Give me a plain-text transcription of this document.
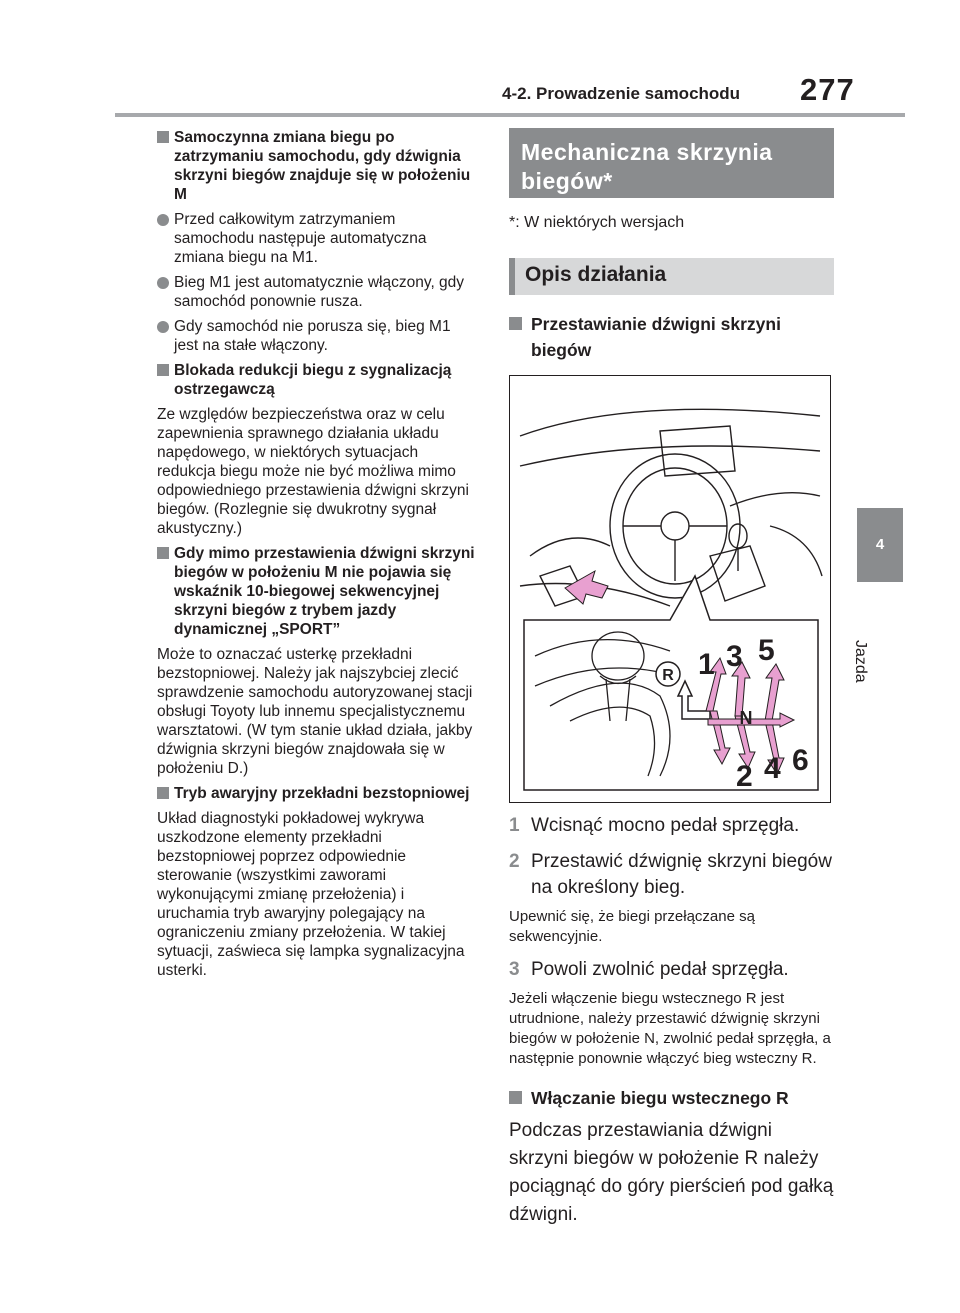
4-2. Prowadzenie samochodu 277
4
Jazda
Samoczynna zmiana biegu po zatrzymaniu samochodu, gdy dźwignia skrzyni biegów znajduje się w położeniu M
Przed całkowitym zatrzymaniem samochodu następuje automatyczna zmiana biegu na M1.
Bieg M1 jest automatycznie włączony, gdy samochód ponownie rusza.
Gdy samochód nie porusza się, bieg M1 jest na stałe włączony.
Blokada redukcji biegu z sygnalizacją ostrzegawczą
Ze względów bezpieczeństwa oraz w celu zapewnienia sprawnego działania układu napędowego, w niektórych sytuacjach redukcja biegu może nie być możliwa mimo odpowiedniego przestawienia dźwigni skrzyni biegów. (Rozlegnie się dwukrotny sygnał akustyczny.)
Gdy mimo przestawienia dźwigni skrzyni biegów w położeniu M nie pojawia się wskaźnik 10-biegowej sekwencyjnej skrzyni biegów z trybem jazdy dynamicznej „SPORT”
Może to oznaczać usterkę przekładni bezstopniowej. Należy jak najszybciej zlecić sprawdzenie samochodu autoryzowanej stacji obsługi Toyoty lub innemu specjalistycznemu warsztatowi. (W tym stanie układ działa, jakby dźwignia skrzyni biegów znajdowała się w położeniu D.)
Tryb awaryjny przekładni bezstopniowej
Układ diagnostyki pokładowej wykrywa uszkodzone elementy przekładni bezstopniowej poprzez odpowiednie sterowanie (wszystkimi zaworami wykonującymi zmianę przełożenia) i uruchamia tryb awaryjny polegający na ograniczeniu zmiany przełożenia. W takiej sytuacji, zaświeca się lampka sygnalizacyjna usterki.
Mechaniczna skrzynia biegów*
*: W niektórych wersjach
Opis działania
Przestawianie dźwigni skrzyni biegów
R
N
1 3 5
2 4 6
1 Wcisnąć mocno pedał sprzęgła.
2 Przestawić dźwignię skrzyni biegów na określony bieg.
Upewnić się, że biegi przełączane są sekwencyjnie.
3 Powoli zwolnić pedał sprzęgła.
Jeżeli włączenie biegu wstecznego R jest utrudnione, należy przestawić dźwignię skrzyni biegów w położenie N, zwolnić pedał sprzęgła, a następnie ponownie włączyć bieg wsteczny R.
Włączanie biegu wstecznego R
Podczas przestawiania dźwigni skrzyni biegów w położenie R należy pociągnąć do góry pierścień pod gałką dźwigni.
